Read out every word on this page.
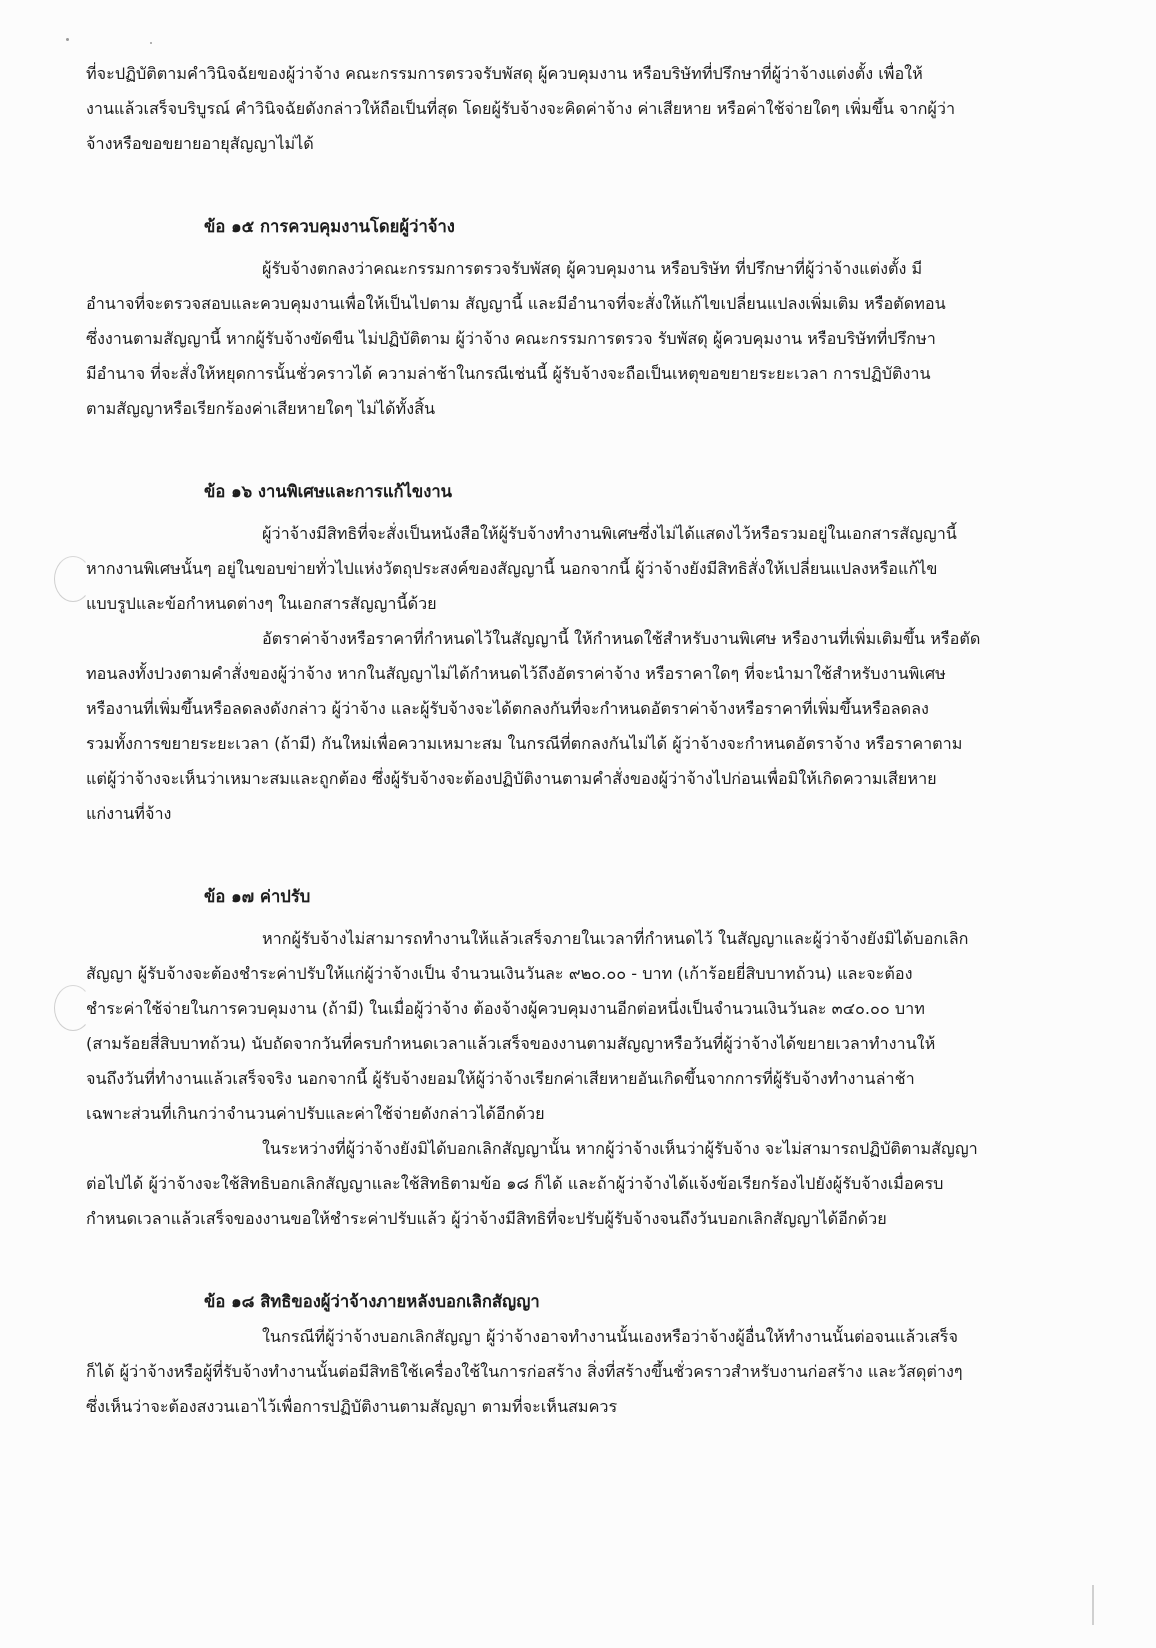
ที่จะปฏิบัติตามคำวินิจฉัยของผู้ว่าจ้าง คณะกรรมการตรวจรับพัสดุ ผู้ควบคุมงาน หรือบริษัทที่ปรึกษาที่ผู้ว่าจ้างแต่งตั้ง เพื่อให้
งานแล้วเสร็จบริบูรณ์ คำวินิจฉัยดังกล่าวให้ถือเป็นที่สุด โดยผู้รับจ้างจะคิดค่าจ้าง ค่าเสียหาย หรือค่าใช้จ่ายใดๆ เพิ่มขึ้น จากผู้ว่า
จ้างหรือขอขยายอายุสัญญาไม่ได้

ข้อ ๑๕ การควบคุมงานโดยผู้ว่าจ้าง

ผู้รับจ้างตกลงว่าคณะกรรมการตรวจรับพัสดุ ผู้ควบคุมงาน หรือบริษัท ที่ปรึกษาที่ผู้ว่าจ้างแต่งตั้ง มี
อำนาจที่จะตรวจสอบและควบคุมงานเพื่อให้เป็นไปตาม สัญญานี้ และมีอำนาจที่จะสั่งให้แก้ไขเปลี่ยนแปลงเพิ่มเติม หรือตัดทอน
ซึ่งงานตามสัญญานี้ หากผู้รับจ้างขัดขืน ไม่ปฏิบัติตาม ผู้ว่าจ้าง คณะกรรมการตรวจ รับพัสดุ ผู้ควบคุมงาน หรือบริษัทที่ปรึกษา
มีอำนาจ ที่จะสั่งให้หยุดการนั้นชั่วคราวได้ ความล่าช้าในกรณีเช่นนี้ ผู้รับจ้างจะถือเป็นเหตุขอขยายระยะเวลา การปฏิบัติงาน
ตามสัญญาหรือเรียกร้องค่าเสียหายใดๆ ไม่ได้ทั้งสิ้น

ข้อ ๑๖ งานพิเศษและการแก้ไขงาน

ผู้ว่าจ้างมีสิทธิที่จะสั่งเป็นหนังสือให้ผู้รับจ้างทำงานพิเศษซึ่งไม่ได้แสดงไว้หรือรวมอยู่ในเอกสารสัญญานี้
หากงานพิเศษนั้นๆ อยู่ในขอบข่ายทั่วไปแห่งวัตถุประสงค์ของสัญญานี้ นอกจากนี้ ผู้ว่าจ้างยังมีสิทธิสั่งให้เปลี่ยนแปลงหรือแก้ไข
แบบรูปและข้อกำหนดต่างๆ ในเอกสารสัญญานี้ด้วย

อัตราค่าจ้างหรือราคาที่กำหนดไว้ในสัญญานี้ ให้กำหนดใช้สำหรับงานพิเศษ หรืองานที่เพิ่มเติมขึ้น หรือตัด
ทอนลงทั้งปวงตามคำสั่งของผู้ว่าจ้าง หากในสัญญาไม่ได้กำหนดไว้ถึงอัตราค่าจ้าง หรือราคาใดๆ ที่จะนำมาใช้สำหรับงานพิเศษ
หรืองานที่เพิ่มขึ้นหรือลดลงดังกล่าว ผู้ว่าจ้าง และผู้รับจ้างจะได้ตกลงกันที่จะกำหนดอัตราค่าจ้างหรือราคาที่เพิ่มขึ้นหรือลดลง
รวมทั้งการขยายระยะเวลา (ถ้ามี) กันใหม่เพื่อความเหมาะสม ในกรณีที่ตกลงกันไม่ได้ ผู้ว่าจ้างจะกำหนดอัตราจ้าง หรือราคาตาม
แต่ผู้ว่าจ้างจะเห็นว่าเหมาะสมและถูกต้อง ซึ่งผู้รับจ้างจะต้องปฏิบัติงานตามคำสั่งของผู้ว่าจ้างไปก่อนเพื่อมิให้เกิดความเสียหาย
แก่งานที่จ้าง

ข้อ ๑๗ ค่าปรับ

หากผู้รับจ้างไม่สามารถทำงานให้แล้วเสร็จภายในเวลาที่กำหนดไว้ ในสัญญาและผู้ว่าจ้างยังมิได้บอกเลิก
สัญญา ผู้รับจ้างจะต้องชำระค่าปรับให้แก่ผู้ว่าจ้างเป็น จำนวนเงินวันละ ๙๒๐.๐๐ - บาท (เก้าร้อยยี่สิบบาทถ้วน) และจะต้อง
ชำระค่าใช้จ่ายในการควบคุมงาน (ถ้ามี) ในเมื่อผู้ว่าจ้าง ต้องจ้างผู้ควบคุมงานอีกต่อหนึ่งเป็นจำนวนเงินวันละ ๓๔๐.๐๐ บาท
(สามร้อยสี่สิบบาทถ้วน) นับถัดจากวันที่ครบกำหนดเวลาแล้วเสร็จของงานตามสัญญาหรือวันที่ผู้ว่าจ้างได้ขยายเวลาทำงานให้
จนถึงวันที่ทำงานแล้วเสร็จจริง นอกจากนี้ ผู้รับจ้างยอมให้ผู้ว่าจ้างเรียกค่าเสียหายอันเกิดขึ้นจากการที่ผู้รับจ้างทำงานล่าช้า
เฉพาะส่วนที่เกินกว่าจำนวนค่าปรับและค่าใช้จ่ายดังกล่าวได้อีกด้วย

ในระหว่างที่ผู้ว่าจ้างยังมิได้บอกเลิกสัญญานั้น หากผู้ว่าจ้างเห็นว่าผู้รับจ้าง จะไม่สามารถปฏิบัติตามสัญญา
ต่อไปได้ ผู้ว่าจ้างจะใช้สิทธิบอกเลิกสัญญาและใช้สิทธิตามข้อ ๑๘ ก็ได้ และถ้าผู้ว่าจ้างได้แจ้งข้อเรียกร้องไปยังผู้รับจ้างเมื่อครบ
กำหนดเวลาแล้วเสร็จของงานขอให้ชำระค่าปรับแล้ว ผู้ว่าจ้างมีสิทธิที่จะปรับผู้รับจ้างจนถึงวันบอกเลิกสัญญาได้อีกด้วย

ข้อ ๑๘ สิทธิของผู้ว่าจ้างภายหลังบอกเลิกสัญญา

ในกรณีที่ผู้ว่าจ้างบอกเลิกสัญญา ผู้ว่าจ้างอาจทำงานนั้นเองหรือว่าจ้างผู้อื่นให้ทำงานนั้นต่อจนแล้วเสร็จ
ก็ได้ ผู้ว่าจ้างหรือผู้ที่รับจ้างทำงานนั้นต่อมีสิทธิใช้เครื่องใช้ในการก่อสร้าง สิ่งที่สร้างขึ้นชั่วคราวสำหรับงานก่อสร้าง และวัสดุต่างๆ
ซึ่งเห็นว่าจะต้องสงวนเอาไว้เพื่อการปฏิบัติงานตามสัญญา ตามที่จะเห็นสมควร
